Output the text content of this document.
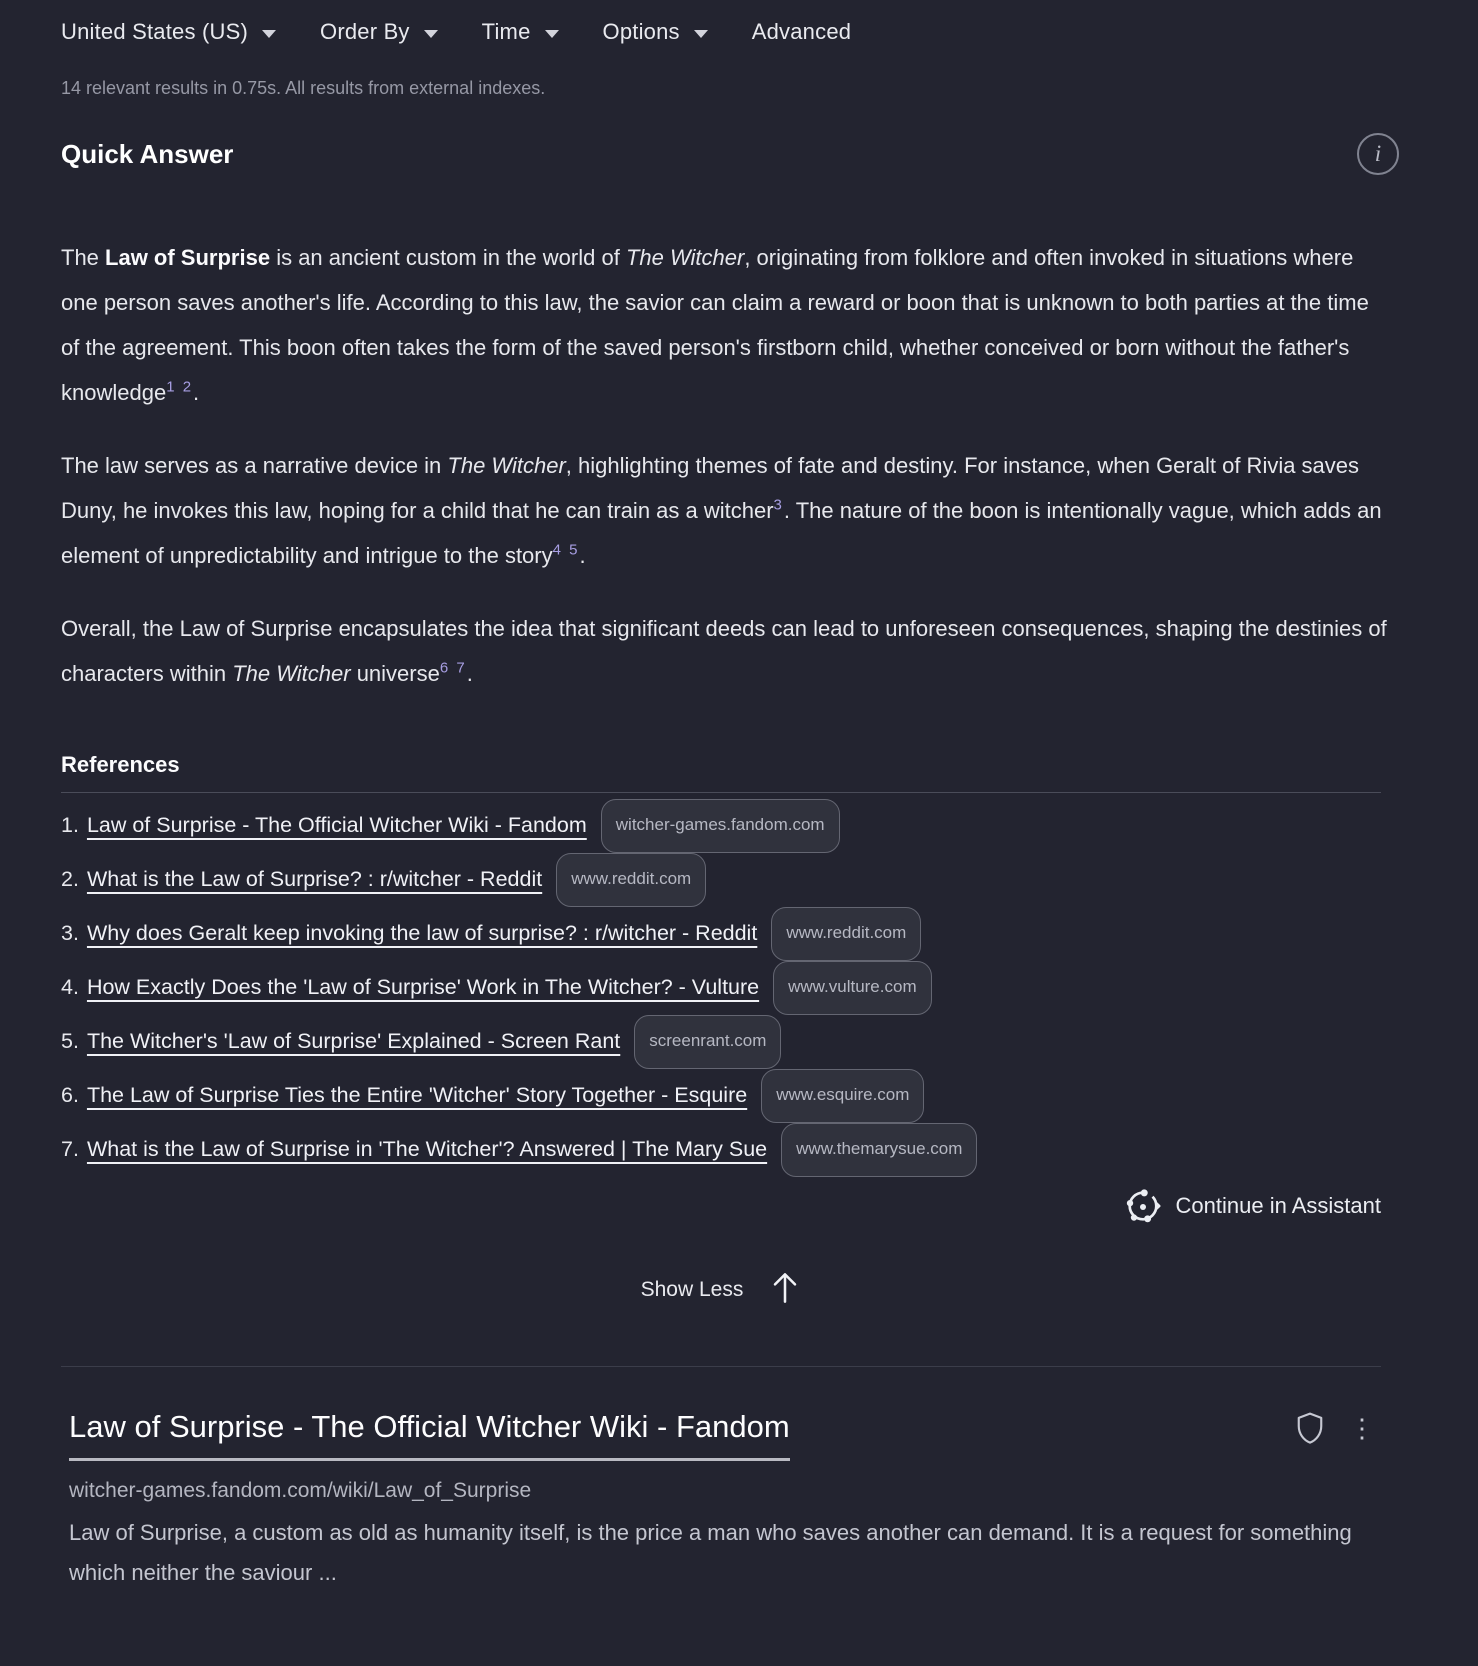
United States (US)	Order By	Time	Options	Advanced
14 relevant results in 0.75s. All results from external indexes.
Quick Answer	i

The Law of Surprise is an ancient custom in the world of The Witcher, originating from folklore and often invoked in situations where one person saves another's life. According to this law, the savior can claim a reward or boon that is unknown to both parties at the time of the agreement. This boon often takes the form of the saved person's firstborn child, whether conceived or born without the father's knowledge$^{1 2}$.

The law serves as a narrative device in The Witcher, highlighting themes of fate and destiny. For instance, when Geralt of Rivia saves Duny, he invokes this law, hoping for a child that he can train as a witcher$^3$. The nature of the boon is intentionally vague, which adds an element of unpredictability and intrigue to the story$^{4 5}$.

Overall, the Law of Surprise encapsulates the idea that significant deeds can lead to unforeseen consequences, shaping the destinies of characters within The Witcher universe$^{6 7}$.

References
1. Law of Surprise - The Official Witcher Wiki - Fandom witcher-games.fandom.com
2. What is the Law of Surprise? : r/witcher - Reddit www.reddit.com
3. Why does Geralt keep invoking the law of surprise? : r/witcher - Reddit www.reddit.com
4. How Exactly Does the 'Law of Surprise' Work in The Witcher? - Vulture www.vulture.com
5. The Witcher's 'Law of Surprise' Explained - Screen Rant screenrant.com
6. The Law of Surprise Ties the Entire 'Witcher' Story Together - Esquire www.esquire.com
7. What is the Law of Surprise in 'The Witcher'? Answered | The Mary Sue www.themarysue.com
Continue in Assistant
Show Less
Law of Surprise - The Official Witcher Wiki - Fandom	⋮
witcher-games.fandom.com/wiki/Law_of_Surprise
Law of Surprise, a custom as old as humanity itself, is the price a man who saves another can demand. It is a request for something which neither the saviour ...
